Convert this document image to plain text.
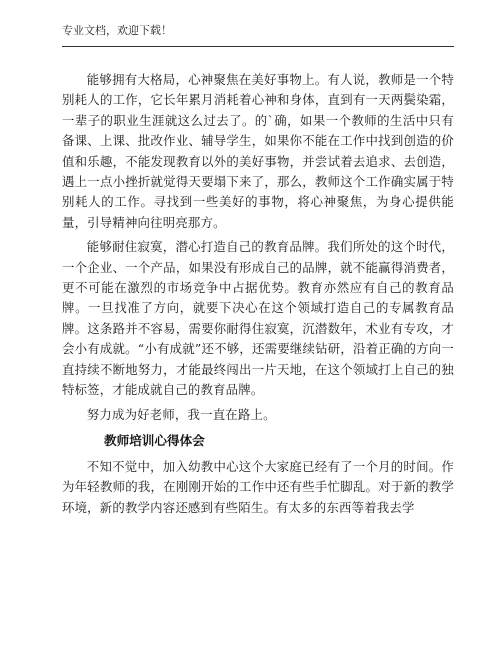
专业文档，欢迎下载！

能够拥有大格局，心神聚焦在美好事物上。有人说，教师是一个特别耗人的工作，它长年累月消耗着心神和身体，直到有一天两鬓染霜，一辈子的职业生涯就这么过去了。的`确，如果一个教师的生活中只有备课、上课、批改作业、辅导学生，如果你不能在工作中找到创造的价值和乐趣，不能发现教育以外的美好事物，并尝试着去追求、去创造，遇上一点小挫折就觉得天要塌下来了，那么，教师这个工作确实属于特别耗人的工作。寻找到一些美好的事物，将心神聚焦，为身心提供能量，引导精神向往明亮那方。

能够耐住寂寞，潜心打造自己的教育品牌。我们所处的这个时代，一个企业、一个产品，如果没有形成自己的品牌，就不能赢得消费者，更不可能在激烈的市场竞争中占据优势。教育亦然应有自己的教育品牌。一旦找准了方向，就要下决心在这个领域打造自己的专属教育品牌。这条路并不容易，需要你耐得住寂寞，沉潜数年，术业有专攻，才会小有成就。“小有成就”还不够，还需要继续钻研，沿着正确的方向一直持续不断地努力，才能最终闯出一片天地，在这个领域打上自己的独特标签，才能成就自己的教育品牌。

努力成为好老师，我一直在路上。

教师培训心得体会

不知不觉中，加入幼教中心这个大家庭已经有了一个月的时间。作为年轻教师的我，在刚刚开始的工作中还有些手忙脚乱。对于新的教学环境，新的教学内容还感到有些陌生。有太多的东西等着我去学
